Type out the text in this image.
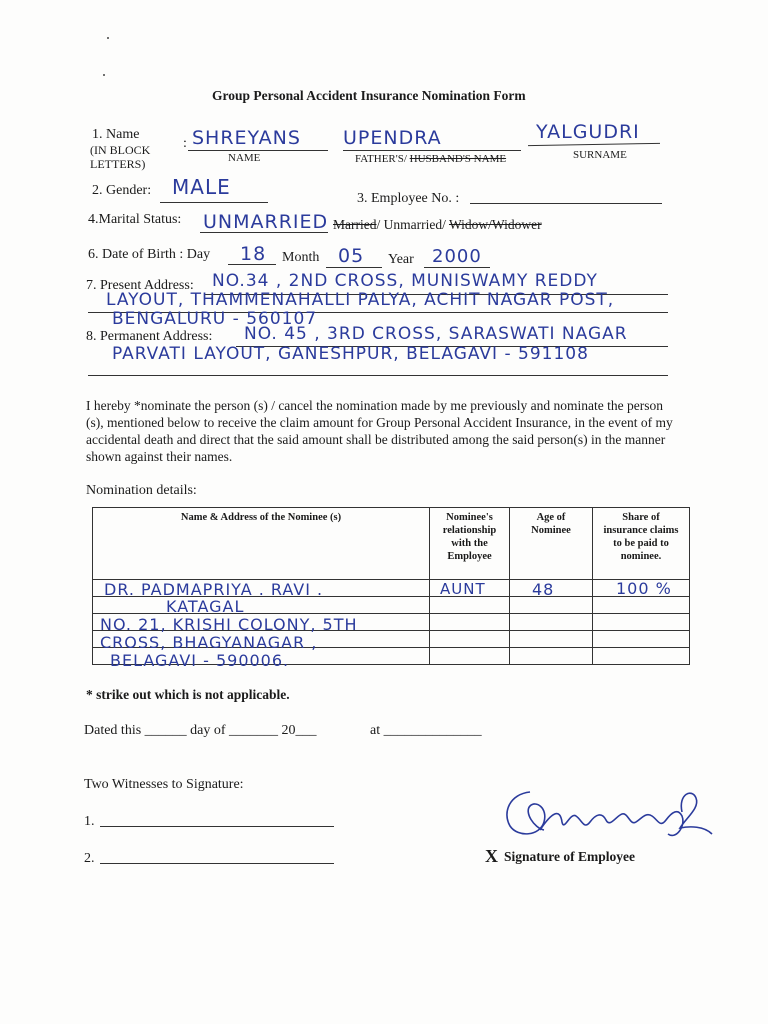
Group Personal Accident Insurance Nomination Form
1. Name
(IN BLOCK
LETTERS)
: SHREYANS UPENDRA	YALGUDRI
NAME	FATHER'S/ HUSBAND'S NAME	SURNAME
2. Gender: MALE	3. Employee No. :
4.Marital Status: UNMARRIED Married/ Unmarried/ Widow/Widower
6. Date of Birth : Day 18 Month 05 Year 2000
7. Present Address: NO.34 , 2ND CROSS, MUNISWAMY REDDY
LAYOUT, THAMMENAHALLI PALYA, ACHIT NAGAR POST,
BENGALURU - 560107
8. Permanent Address: NO. 45 , 3RD CROSS, SARASWATI NAGAR
PARVATI LAYOUT, GANESHPUR, BELAGAVI - 591108
I hereby *nominate the person (s) / cancel the nomination made by me previously and nominate the person (s), mentioned below to receive the claim amount for Group Personal Accident Insurance, in the event of my accidental death and direct that the said amount shall be distributed among the said person(s) in the manner shown against their names.
Nomination details:
Name & Address of the Nominee (s)	Nominee's relationship with the Employee	Age of Nominee	Share of insurance claims to be paid to nominee.

DR. PADMAPRIYA . RAVI .
KATAGAL
NO. 21, KRISHI COLONY, 5TH
CROSS, BHAGYANAGAR ,
BELAGAVI - 590006.
AUNT	48	100 %
* strike out which is not applicable.
Dated this ______ day of _______ 20___	at ______________
Two Witnesses to Signature:
1.
2.	X Signature of Employee
